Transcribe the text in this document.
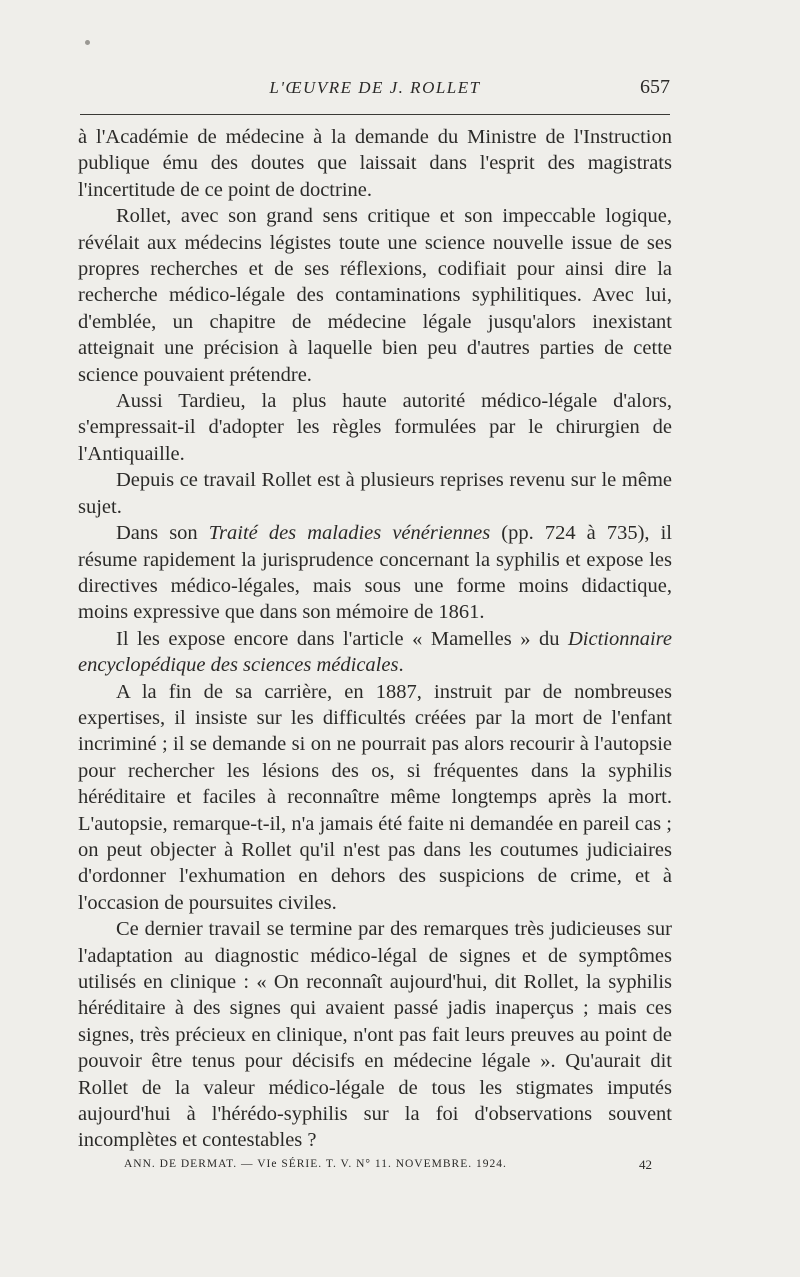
L'ŒUVRE DE J. ROLLET	657

à l'Académie de médecine à la demande du Ministre de l'Instruction publique ému des doutes que laissait dans l'esprit des magistrats l'incertitude de ce point de doctrine.

Rollet, avec son grand sens critique et son impeccable logique, révélait aux médecins légistes toute une science nouvelle issue de ses propres recherches et de ses réflexions, codifiait pour ainsi dire la recherche médico-légale des contaminations syphilitiques. Avec lui, d'emblée, un chapitre de médecine légale jusqu'alors inexistant atteignait une précision à laquelle bien peu d'autres parties de cette science pouvaient prétendre.

Aussi Tardieu, la plus haute autorité médico-légale d'alors, s'empressait-il d'adopter les règles formulées par le chirurgien de l'Antiquaille.

Depuis ce travail Rollet est à plusieurs reprises revenu sur le même sujet.

Dans son Traité des maladies vénériennes (pp. 724 à 735), il résume rapidement la jurisprudence concernant la syphilis et expose les directives médico-légales, mais sous une forme moins didactique, moins expressive que dans son mémoire de 1861.

Il les expose encore dans l'article « Mamelles » du Dictionnaire encyclopédique des sciences médicales.

A la fin de sa carrière, en 1887, instruit par de nombreuses expertises, il insiste sur les difficultés créées par la mort de l'enfant incriminé ; il se demande si on ne pourrait pas alors recourir à l'autopsie pour rechercher les lésions des os, si fréquentes dans la syphilis héréditaire et faciles à reconnaître même longtemps après la mort. L'autopsie, remarque-t-il, n'a jamais été faite ni demandée en pareil cas ; on peut objecter à Rollet qu'il n'est pas dans les coutumes judiciaires d'ordonner l'exhumation en dehors des suspicions de crime, et à l'occasion de poursuites civiles.

Ce dernier travail se termine par des remarques très judicieuses sur l'adaptation au diagnostic médico-légal de signes et de symptômes utilisés en clinique : « On reconnaît aujourd'hui, dit Rollet, la syphilis héréditaire à des signes qui avaient passé jadis inaperçus ; mais ces signes, très précieux en clinique, n'ont pas fait leurs preuves au point de pouvoir être tenus pour décisifs en médecine légale ». Qu'aurait dit Rollet de la valeur médico-légale de tous les stigmates imputés aujourd'hui à l'hérédo-syphilis sur la foi d'observations souvent incomplètes et contestables ?

ANN. DE DERMAT. — VIe SÉRIE. T. V. N° 11. NOVEMBRE. 1924.	42
